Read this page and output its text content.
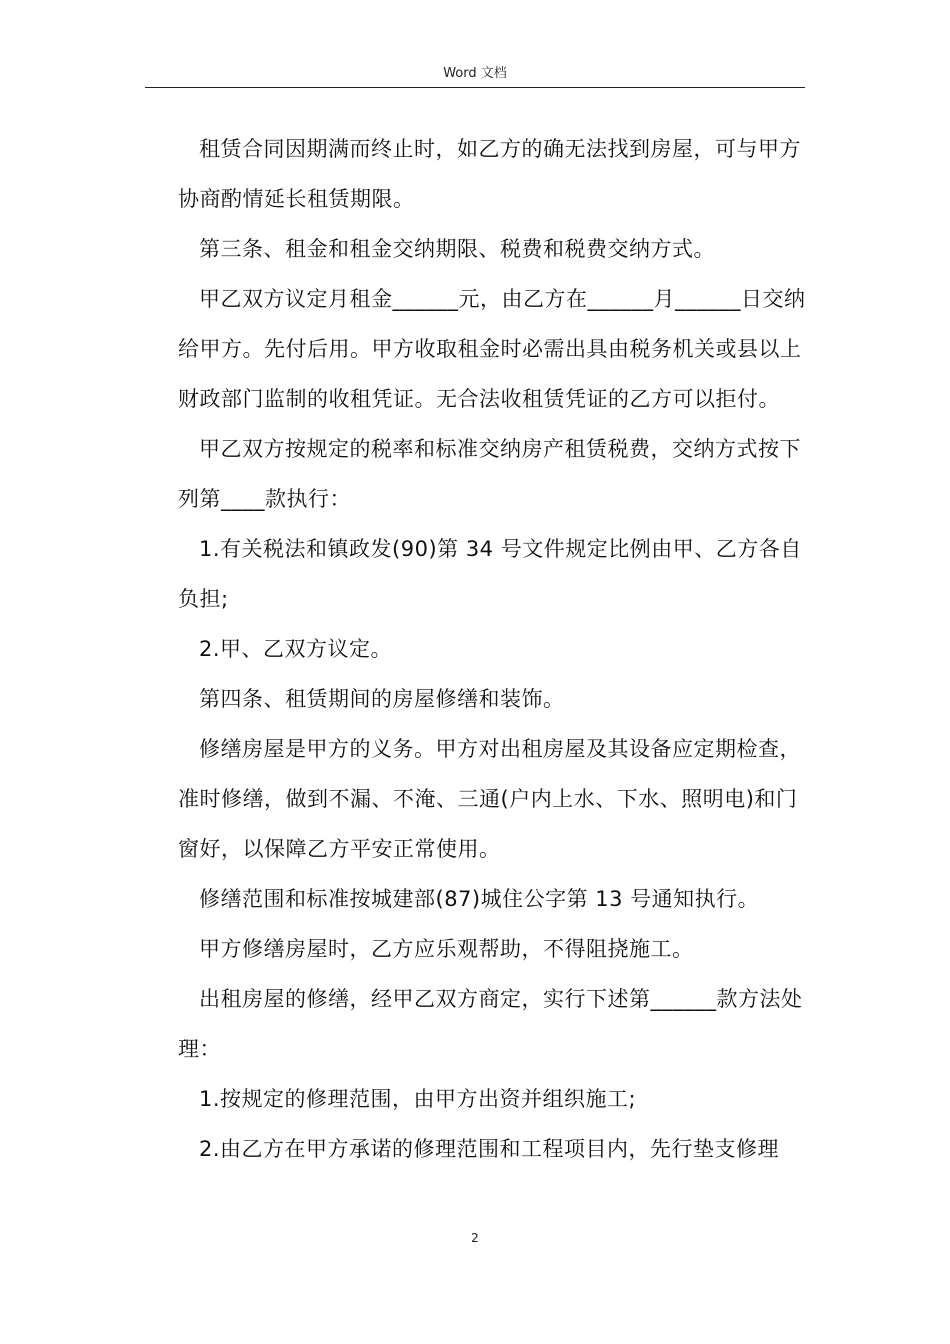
Word 文档

租赁合同因期满而终止时，如乙方的确无法找到房屋，可与甲方协商酌情延长租赁期限。

第三条、租金和租金交纳期限、税费和税费交纳方式。

甲乙双方议定月租金______元，由乙方在______月______日交纳给甲方。先付后用。甲方收取租金时必需出具由税务机关或县以上财政部门监制的收租凭证。无合法收租赁凭证的乙方可以拒付。

甲乙双方按规定的税率和标准交纳房产租赁税费，交纳方式按下列第____款执行：

1.有关税法和镇政发(90)第 34 号文件规定比例由甲、乙方各自负担;

2.甲、乙双方议定。

第四条、租赁期间的房屋修缮和装饰。

修缮房屋是甲方的义务。甲方对出租房屋及其设备应定期检查，准时修缮，做到不漏、不淹、三通(户内上水、下水、照明电)和门窗好，以保障乙方平安正常使用。

修缮范围和标准按城建部(87)城住公字第 13 号通知执行。

甲方修缮房屋时，乙方应乐观帮助，不得阻挠施工。

出租房屋的修缮，经甲乙双方商定，实行下述第______款方法处理：

1.按规定的修理范围，由甲方出资并组织施工;

2.由乙方在甲方承诺的修理范围和工程项目内，先行垫支修理

2
